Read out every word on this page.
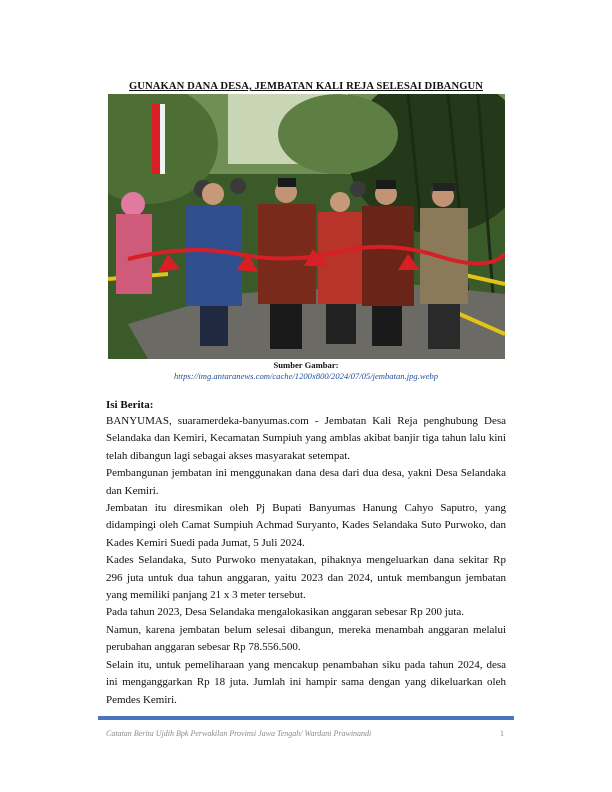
GUNAKAN DANA DESA, JEMBATAN KALI REJA SELESAI DIBANGUN
Sumber Gambar:
https://img.antaranews.com/cache/1200x800/2024/07/05/jembatan.jpg.webp
Isi Berita:

BANYUMAS, suaramerdeka-banyumas.com - Jembatan Kali Reja penghubung Desa Selandaka dan Kemiri, Kecamatan Sumpiuh yang amblas akibat banjir tiga tahun lalu kini telah dibangun lagi sebagai akses masyarakat setempat.

Pembangunan jembatan ini menggunakan dana desa dari dua desa, yakni Desa Selandaka dan Kemiri.

Jembatan itu diresmikan oleh Pj Bupati Banyumas Hanung Cahyo Saputro, yang didampingi oleh Camat Sumpiuh Achmad Suryanto, Kades Selandaka Suto Purwoko, dan Kades Kemiri Suedi pada Jumat, 5 Juli 2024.

Kades Selandaka, Suto Purwoko menyatakan, pihaknya mengeluarkan dana sekitar Rp 296 juta untuk dua tahun anggaran, yaitu 2023 dan 2024, untuk membangun jembatan yang memiliki panjang 21 x 3 meter tersebut.

Pada tahun 2023, Desa Selandaka mengalokasikan anggaran sebesar Rp 200 juta.

Namun, karena jembatan belum selesai dibangun, mereka menambah anggaran melalui perubahan anggaran sebesar Rp 78.556.500.

Selain itu, untuk pemeliharaan yang mencakup penambahan siku pada tahun 2024, desa ini menganggarkan Rp 18 juta. Jumlah ini hampir sama dengan yang dikeluarkan oleh Pemdes Kemiri.

Catatan Berita Ujdih Bpk Perwakilan Provinsi Jawa Tengah/ Wardani Prawinandi	1
